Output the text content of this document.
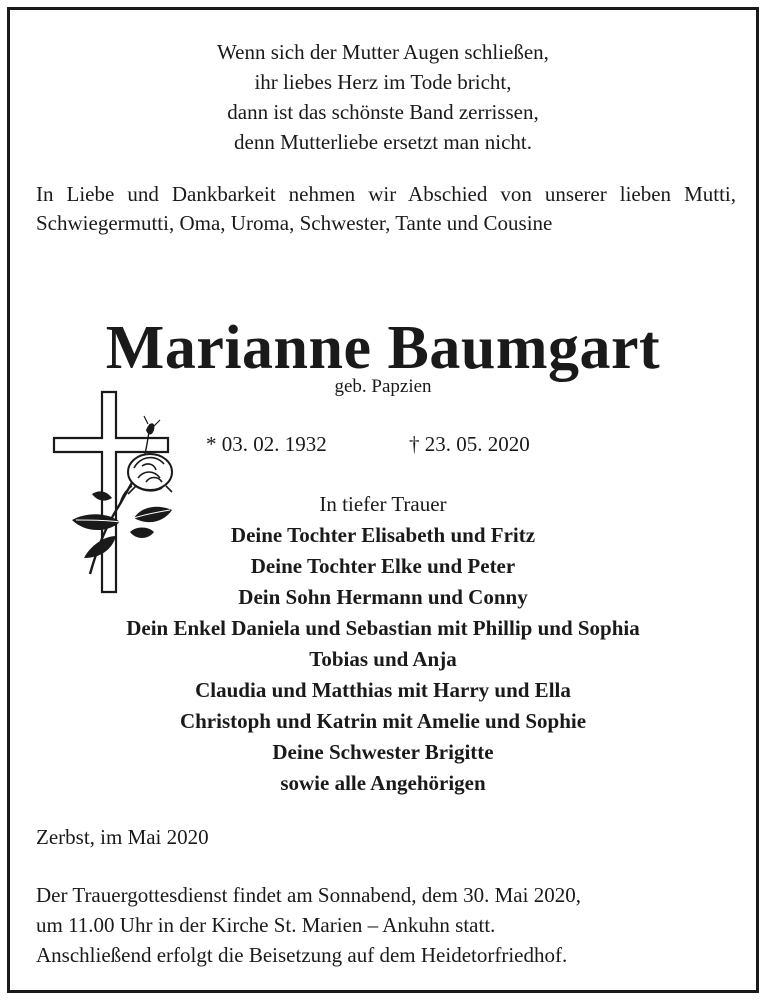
Wenn sich der Mutter Augen schließen,
ihr liebes Herz im Tode bricht,
dann ist das schönste Band zerrissen,
denn Mutterliebe ersetzt man nicht.
In Liebe und Dankbarkeit nehmen wir Abschied von unserer lieben Mutti, Schwiegermutti, Oma, Uroma, Schwester, Tante und Cousine
Marianne Baumgart
geb. Papzien
* 03. 02. 1932	† 23. 05. 2020
In tiefer Trauer
Deine Tochter Elisabeth und Fritz
Deine Tochter Elke und Peter
Dein Sohn Hermann und Conny
Dein Enkel Daniela und Sebastian mit Phillip und Sophia
Tobias und Anja
Claudia und Matthias mit Harry und Ella
Christoph und Katrin mit Amelie und Sophie
Deine Schwester Brigitte
sowie alle Angehörigen
Zerbst, im Mai 2020
Der Trauergottesdienst findet am Sonnabend, dem 30. Mai 2020,
um 11.00 Uhr in der Kirche St. Marien – Ankuhn statt.
Anschließend erfolgt die Beisetzung auf dem Heidetorfriedhof.
